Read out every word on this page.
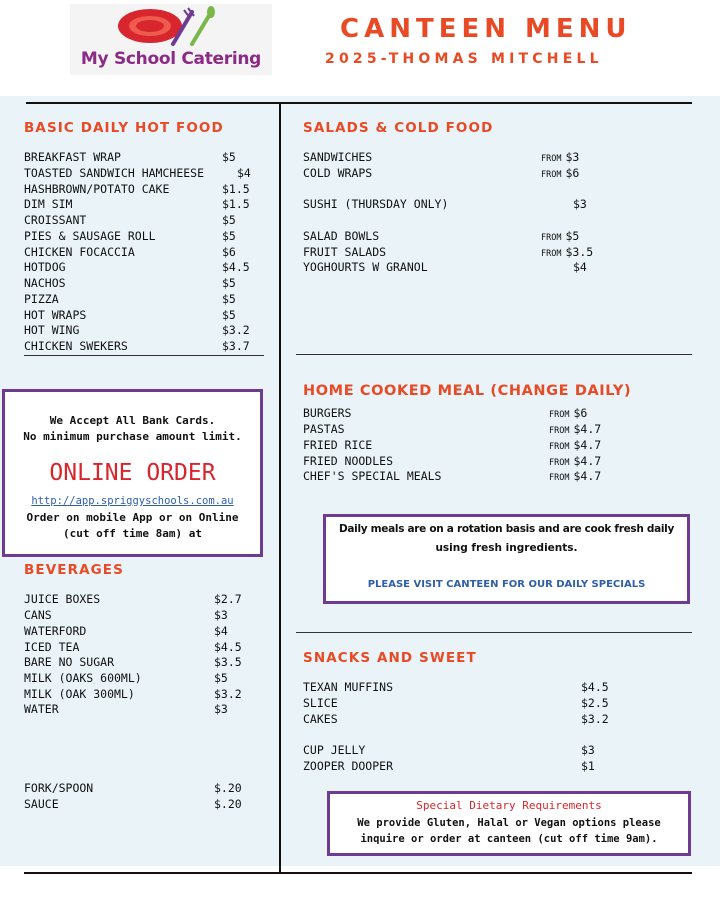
My School Catering
CANTEEN MENU
2025-THOMAS MITCHELL
BASIC DAILY HOT FOOD
BREAKFAST WRAP	$5
TOASTED SANDWICH HAMCHEESE	$4
HASHBROWN/POTATO CAKE	$1.5
DIM SIM	$1.5
CROISSANT	$5
PIES & SAUSAGE ROLL	$5
CHICKEN FOCACCIA	$6
HOTDOG	$4.5
NACHOS	$5
PIZZA	$5
HOT WRAPS	$5
HOT WING	$3.2
CHICKEN SWEKERS	$3.7
SALADS & COLD FOOD
SANDWICHES	FROM $3
COLD WRAPS	FROM $6
SUSHI (THURSDAY ONLY)	$3
SALAD BOWLS	FROM $5
FRUIT SALADS	FROM $3.5
YOGHOURTS W GRANOL	$4
HOME COOKED MEAL (CHANGE DAILY)
BURGERS	FROM $6
PASTAS	FROM $4.7
FRIED RICE	FROM $4.7
FRIED NOODLES	FROM $4.7
CHEF'S SPECIAL MEALS	FROM $4.7
Daily meals are on a rotation basis and are cook fresh daily
using fresh ingredients.
PLEASE VISIT CANTEEN FOR OUR DAILY SPECIALS
We Accept All Bank Cards.
No minimum purchase amount limit.
ONLINE ORDER
http://app.spriggyschools.com.au
Order on mobile App or on Online
(cut off time 8am) at
BEVERAGES
JUICE BOXES	$2.7
CANS	$3
WATERFORD	$4
ICED TEA	$4.5
BARE NO SUGAR	$3.5
MILK (OAKS 600ML)	$5
MILK (OAK 300ML)	$3.2
WATER	$3
FORK/SPOON	$.20
SAUCE	$.20
SNACKS AND SWEET
TEXAN MUFFINS	$4.5
SLICE	$2.5
CAKES	$3.2
CUP JELLY	$3
ZOOPER DOOPER	$1
Special Dietary Requirements
We provide Gluten, Halal or Vegan options please
inquire or order at canteen (cut off time 9am).
